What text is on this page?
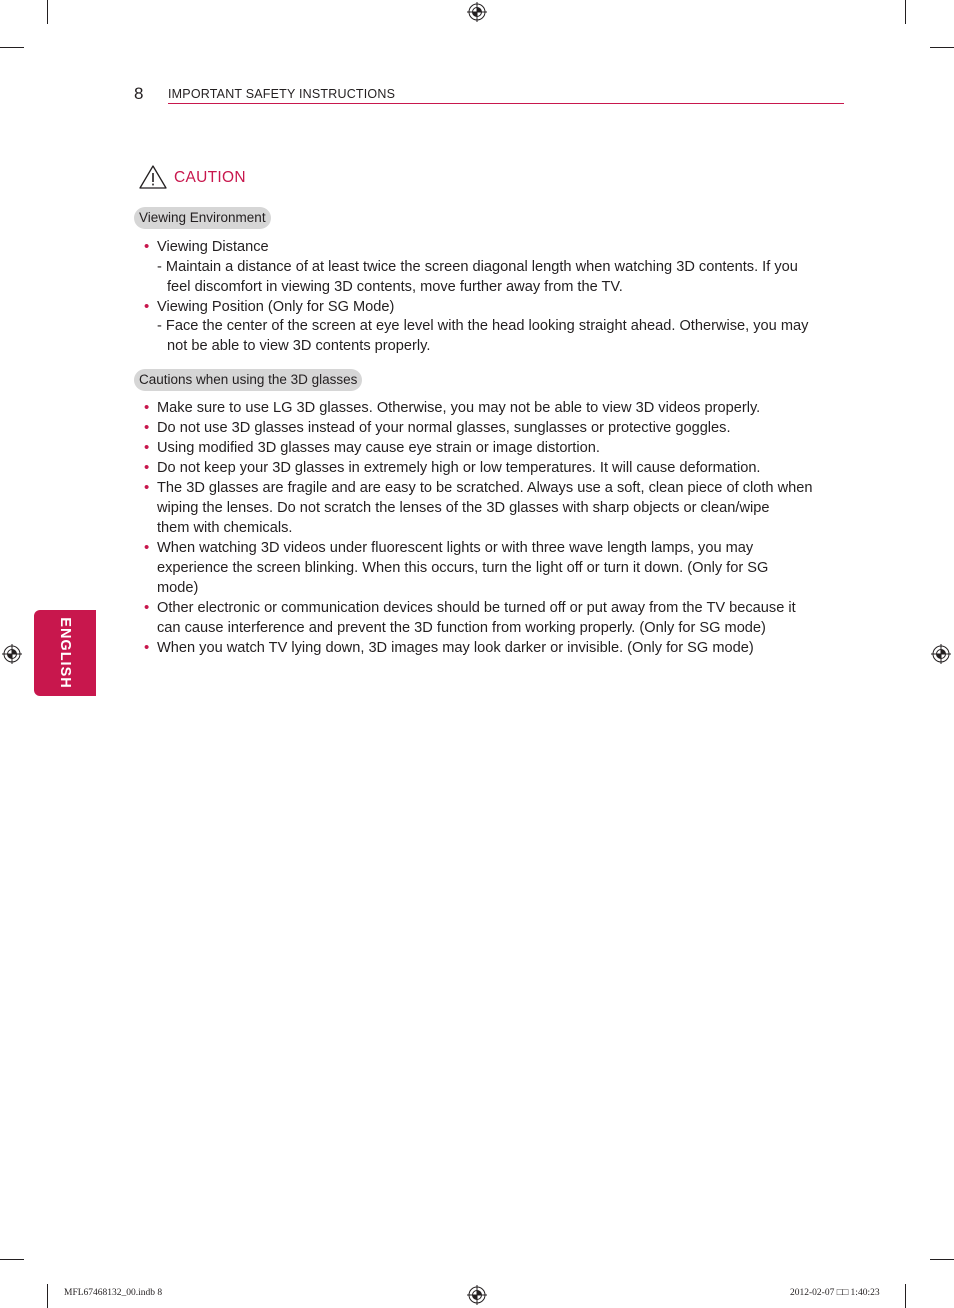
8 IMPORTANT SAFETY INSTRUCTIONS
CAUTION
Viewing Environment
• Viewing Distance
- Maintain a distance of at least twice the screen diagonal length when watching 3D contents. If you
feel discomfort in viewing 3D contents, move further away from the TV.
• Viewing Position (Only for SG Mode)
- Face the center of the screen at eye level with the head looking straight ahead. Otherwise, you may
not be able to view 3D contents properly.
Cautions when using the 3D glasses
• Make sure to use LG 3D glasses. Otherwise, you may not be able to view 3D videos properly.
• Do not use 3D glasses instead of your normal glasses, sunglasses or protective goggles.
• Using modified 3D glasses may cause eye strain or image distortion.
• Do not keep your 3D glasses in extremely high or low temperatures. It will cause deformation.
• The 3D glasses are fragile and are easy to be scratched. Always use a soft, clean piece of cloth when
wiping the lenses. Do not scratch the lenses of the 3D glasses with sharp objects or clean/wipe
them with chemicals.
• When watching 3D videos under fluorescent lights or with three wave length lamps, you may
experience the screen blinking. When this occurs, turn the light off or turn it down. (Only for SG
mode)
• Other electronic or communication devices should be turned off or put away from the TV because it
can cause interference and prevent the 3D function from working properly. (Only for SG mode)
• When you watch TV lying down, 3D images may look darker or invisible. (Only for SG mode)
ENGLISH
MFL67468132_00.indb 8	2012-02-07 □□ 1:40:23
